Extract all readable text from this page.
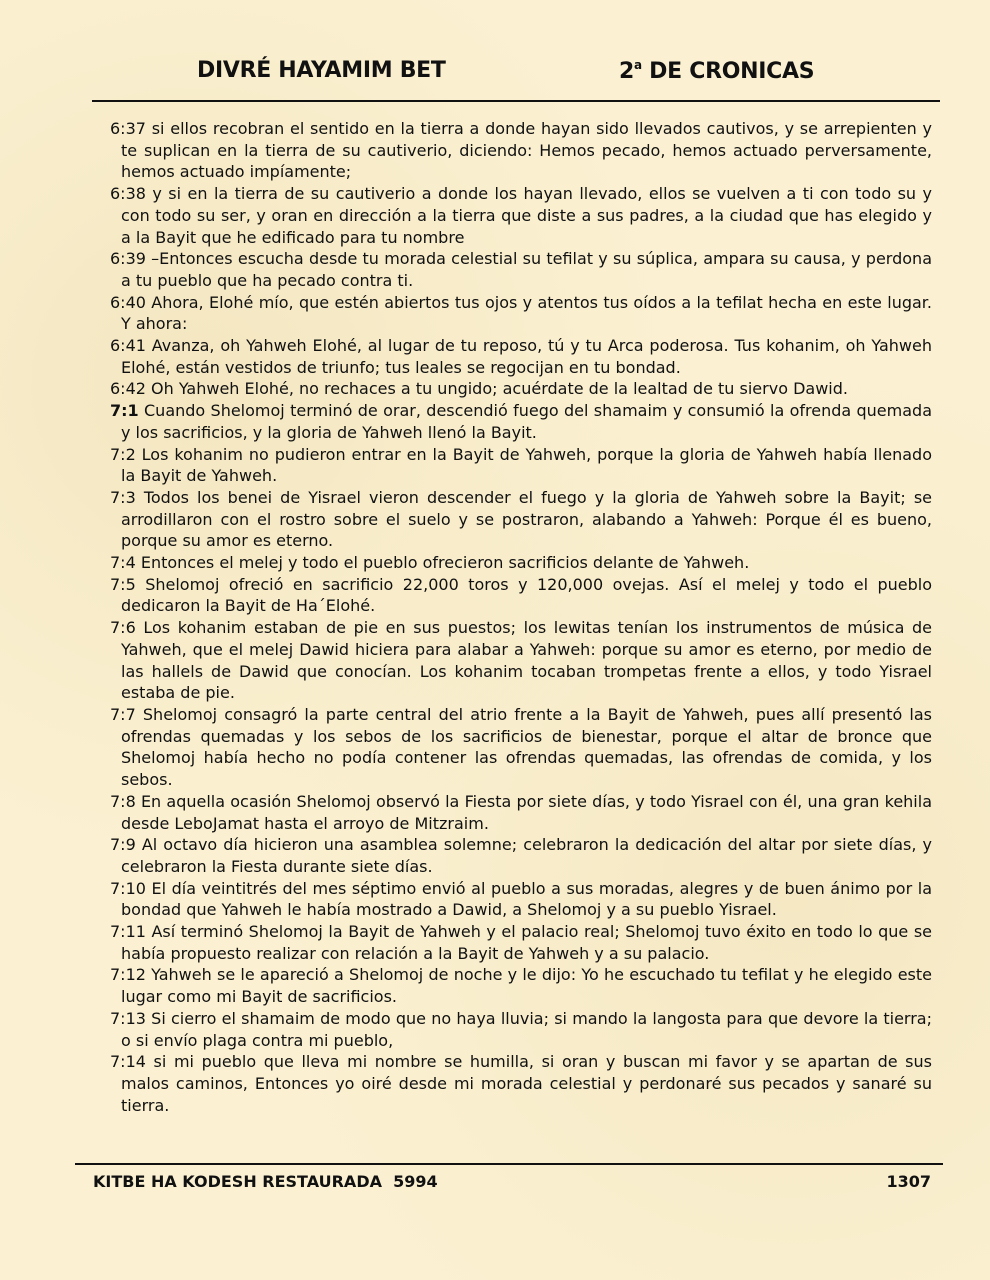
DIVRÉ HAYAMIM BET	2$^a$ DE CRONICAS

6:37 si ellos recobran el sentido en la tierra a donde hayan sido llevados cautivos, y se arrepienten y te suplican en la tierra de su cautiverio, diciendo: Hemos pecado, hemos actuado perversamente, hemos actuado impíamente;

6:38 y si en la tierra de su cautiverio a donde los hayan llevado, ellos se vuelven a ti con todo su y con todo su ser, y oran en dirección a la tierra que diste a sus padres, a la ciudad que has elegido y a la Bayit que he edificado para tu nombre

6:39 –Entonces escucha desde tu morada celestial su tefilat y su súplica, ampara su causa, y perdona a tu pueblo que ha pecado contra ti.

6:40 Ahora, Elohé mío, que estén abiertos tus ojos y atentos tus oídos a la tefilat hecha en este lugar. Y ahora:

6:41 Avanza, oh Yahweh Elohé, al lugar de tu reposo, tú y tu Arca poderosa. Tus kohanim, oh Yahweh Elohé, están vestidos de triunfo; tus leales se regocijan en tu bondad.

6:42 Oh Yahweh Elohé, no rechaces a tu ungido; acuérdate de la lealtad de tu siervo Dawid.

7:1 Cuando Shelomoj terminó de orar, descendió fuego del shamaim y consumió la ofrenda quemada y los sacrificios, y la gloria de Yahweh llenó la Bayit.

7:2 Los kohanim no pudieron entrar en la Bayit de Yahweh, porque la gloria de Yahweh había llenado la Bayit de Yahweh.

7:3 Todos los benei de Yisrael vieron descender el fuego y la gloria de Yahweh sobre la Bayit; se arrodillaron con el rostro sobre el suelo y se postraron, alabando a Yahweh: Porque él es bueno, porque su amor es eterno.

7:4 Entonces el melej y todo el pueblo ofrecieron sacrificios delante de Yahweh.

7:5 Shelomoj ofreció en sacrificio 22,000 toros y 120,000 ovejas. Así el melej y todo el pueblo dedicaron la Bayit de Ha´Elohé.

7:6 Los kohanim estaban de pie en sus puestos; los lewitas tenían los instrumentos de música de Yahweh, que el melej Dawid hiciera para alabar a Yahweh: porque su amor es eterno, por medio de las hallels de Dawid que conocían. Los kohanim tocaban trompetas frente a ellos, y todo Yisrael estaba de pie.

7:7 Shelomoj consagró la parte central del atrio frente a la Bayit de Yahweh, pues allí presentó las ofrendas quemadas y los sebos de los sacrificios de bienestar, porque el altar de bronce que Shelomoj había hecho no podía contener las ofrendas quemadas, las ofrendas de comida, y los sebos.

7:8 En aquella ocasión Shelomoj observó la Fiesta por siete días, y todo Yisrael con él, una gran kehila desde LeboJamat hasta el arroyo de Mitzraim.

7:9 Al octavo día hicieron una asamblea solemne; celebraron la dedicación del altar por siete días, y celebraron la Fiesta durante siete días.

7:10 El día veintitrés del mes séptimo envió al pueblo a sus moradas, alegres y de buen ánimo por la bondad que Yahweh le había mostrado a Dawid, a Shelomoj y a su pueblo Yisrael.

7:11 Así terminó Shelomoj la Bayit de Yahweh y el palacio real; Shelomoj tuvo éxito en todo lo que se había propuesto realizar con relación a la Bayit de Yahweh y a su palacio.

7:12 Yahweh se le apareció a Shelomoj de noche y le dijo: Yo he escuchado tu tefilat y he elegido este lugar como mi Bayit de sacrificios.

7:13 Si cierro el shamaim de modo que no haya lluvia; si mando la langosta para que devore la tierra; o si envío plaga contra mi pueblo,

7:14 si mi pueblo que lleva mi nombre se humilla, si oran y buscan mi favor y se apartan de sus malos caminos, Entonces yo oiré desde mi morada celestial y perdonaré sus pecados y sanaré su tierra.

KITBE HA KODESH RESTAURADA  5994	1307
